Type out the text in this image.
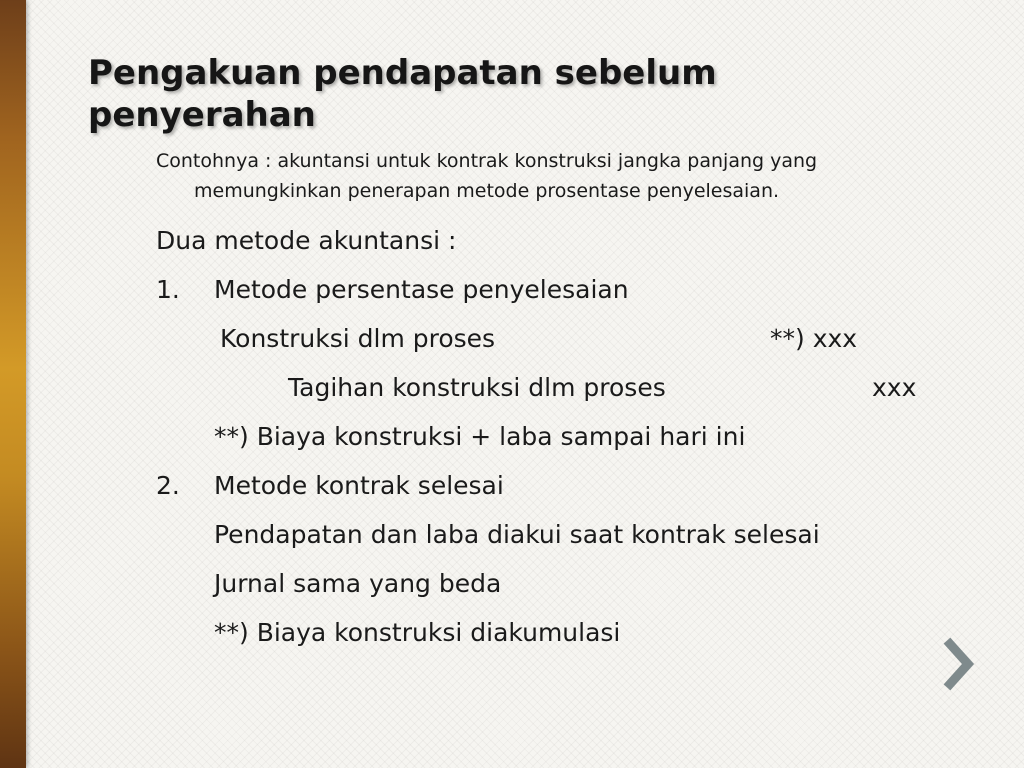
Pengakuan pendapatan sebelum
penyerahan
Contohnya : akuntansi untuk kontrak konstruksi jangka panjang yang
memungkinkan penerapan metode prosentase penyelesaian.
Dua metode akuntansi :
1. Metode persentase penyelesaian
Konstruksi dlm proses	**) xxx
Tagihan konstruksi dlm proses	xxx
**) Biaya konstruksi + laba sampai hari ini
2. Metode kontrak selesai
Pendapatan dan laba diakui saat kontrak selesai
Jurnal sama yang beda
**) Biaya konstruksi diakumulasi
